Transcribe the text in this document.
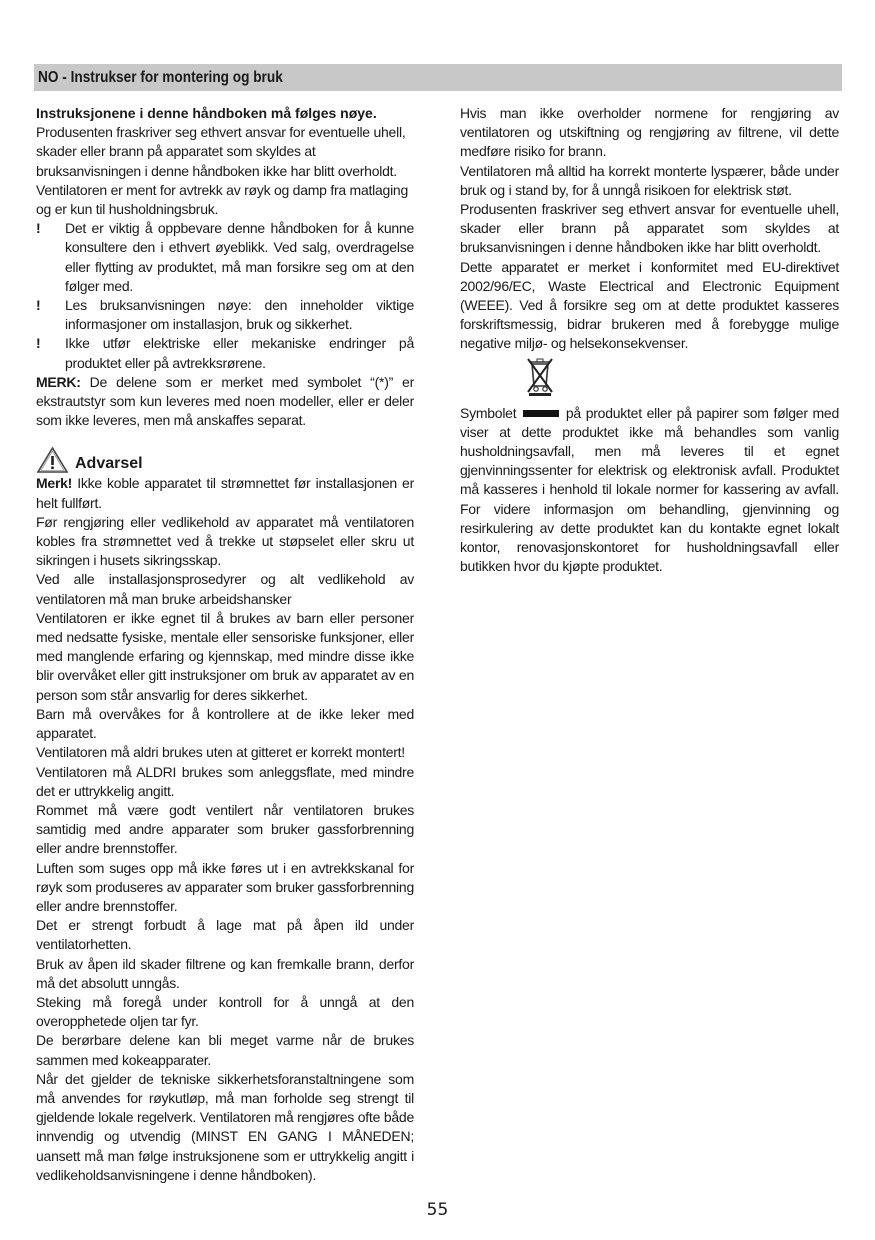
NO - Instrukser for montering og bruk

Instruksjonene i denne håndboken må følges nøye.

Produsenten fraskriver seg ethvert ansvar for eventuelle uhell, skader eller brann på apparatet som skyldes at bruksanvisningen i denne håndboken ikke har blitt overholdt.

Ventilatoren er ment for avtrekk av røyk og damp fra matlaging og er kun til husholdningsbruk.

!	Det er viktig å oppbevare denne håndboken for å kunne konsultere den i ethvert øyeblikk. Ved salg, overdragelse eller flytting av produktet, må man forsikre seg om at den følger med.
!	Les bruksanvisningen nøye: den inneholder viktige informasjoner om installasjon, bruk og sikkerhet.
!	Ikke utfør elektriske eller mekaniske endringer på produktet eller på avtrekksrørene.

MERK: De delene som er merket med symbolet “(*)” er ekstrautstyr som kun leveres med noen modeller, eller er deler som ikke leveres, men må anskaffes separat.

Advarsel

Merk! Ikke koble apparatet til strømnettet før installasjonen er helt fullført.

Før rengjøring eller vedlikehold av apparatet må ventilatoren kobles fra strømnettet ved å trekke ut støpselet eller skru ut sikringen i husets sikringsskap.

Ved alle installasjonsprosedyrer og alt vedlikehold av ventilatoren må man bruke arbeidshansker

Ventilatoren er ikke egnet til å brukes av barn eller personer med nedsatte fysiske, mentale eller sensoriske funksjoner, eller med manglende erfaring og kjennskap, med mindre disse ikke blir overvåket eller gitt instruksjoner om bruk av apparatet av en person som står ansvarlig for deres sikkerhet.

Barn må overvåkes for å kontrollere at de ikke leker med apparatet.

Ventilatoren må aldri brukes uten at gitteret er korrekt montert!

Ventilatoren må ALDRI brukes som anleggsflate, med mindre det er uttrykkelig angitt.

Rommet må være godt ventilert når ventilatoren brukes samtidig med andre apparater som bruker gassforbrenning eller andre brennstoffer.

Luften som suges opp må ikke føres ut i en avtrekkskanal for røyk som produseres av apparater som bruker gassforbrenning eller andre brennstoffer.

Det er strengt forbudt å lage mat på åpen ild under ventilatorhetten.

Bruk av åpen ild skader filtrene og kan fremkalle brann, derfor må det absolutt unngås.

Steking må foregå under kontroll for å unngå at den overopphetede oljen tar fyr.

De berørbare delene kan bli meget varme når de brukes sammen med kokeapparater.

Når det gjelder de tekniske sikkerhetsforanstaltningene som må anvendes for røykutløp, må man forholde seg strengt til gjeldende lokale regelverk. Ventilatoren må rengjøres ofte både innvendig og utvendig (MINST EN GANG I MÅNEDEN; uansett må man følge instruksjonene som er uttrykkelig angitt i vedlikeholdsanvisningene i denne håndboken).

Hvis man ikke overholder normene for rengjøring av ventilatoren og utskiftning og rengjøring av filtrene, vil dette medføre risiko for brann.

Ventilatoren må alltid ha korrekt monterte lyspærer, både under bruk og i stand by, for å unngå risikoen for elektrisk støt.

Produsenten fraskriver seg ethvert ansvar for eventuelle uhell, skader eller brann på apparatet som skyldes at bruksanvisningen i denne håndboken ikke har blitt overholdt.

Dette apparatet er merket i konformitet med EU-direktivet 2002/96/EC, Waste Electrical and Electronic Equipment (WEEE). Ved å forsikre seg om at dette produktet kasseres forskriftsmessig, bidrar brukeren med å forebygge mulige negative miljø- og helsekonsekvenser.

Symbolet	på produktet eller på papirer som følger med viser at dette produktet ikke må behandles som vanlig husholdningsavfall, men må leveres til et egnet gjenvinningssenter for elektrisk og elektronisk avfall. Produktet må kasseres i henhold til lokale normer for kassering av avfall. For videre informasjon om behandling, gjenvinning og resirkulering av dette produktet kan du kontakte egnet lokalt kontor, renovasjonskontoret for husholdningsavfall eller butikken hvor du kjøpte produktet.

55
